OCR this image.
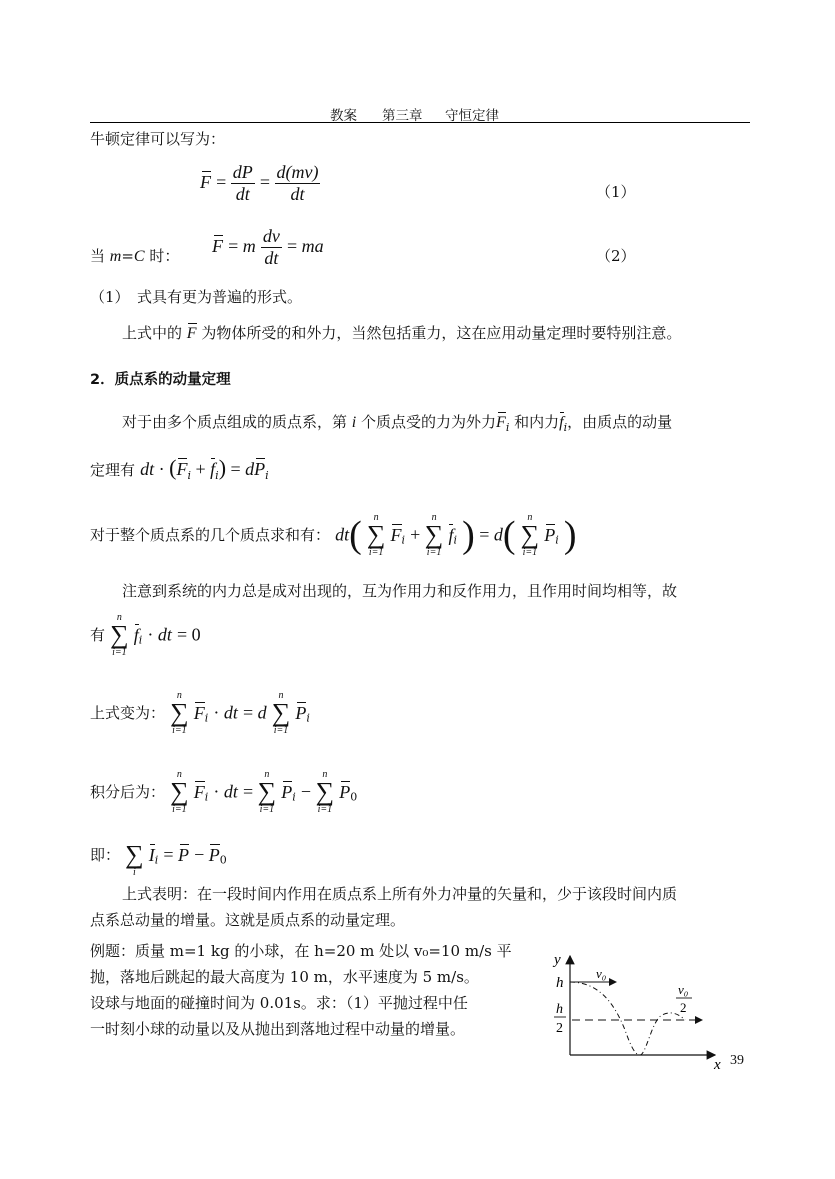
教案 第三章 守恒定律
牛顿定律可以写为：
$F = \frac{dP}{dt} = \frac{d(mv)}{dt}$	（1）
当 m=C 时： F = m $\frac{dv}{dt}$ = ma	（2）
（1）　式具有更为普遍的形式。
上式中的 F 为物体所受的和外力，当然包括重力，这在应用动量定理时要特别注意。
2．质点系的动量定理
对于由多个质点组成的质点系，第 i 个质点受的力为外力$F_i$ 和内力$f_i$，由质点的动量
定理有 dt · $(F_i + f_i) = dP_i$
对于整个质点系的几个质点求和有： dt(	n
∑
i=1
$F_i$ +
n
∑
i=1
$f_i$ ) = d(	n
∑
i=1
$P_i$ )
注意到系统的内力总是成对出现的，互为作用力和反作用力，且作用时间均相等，故
有
n
∑
i=1
$f_i$ · dt = 0
上式变为：
n
∑
i=1
$F_i$ · dt = d
n
∑
i=1
$P_i$
积分后为：
n
∑
i=1
$F_i$ · dt =
n
∑
i=1
$P_i$ −
n
∑
i=1
$P_0$
即：
∑
i
$I_i = P - P_0$
上式表明：在一段时间内作用在质点系上所有外力冲量的矢量和，少于该段时间内质
点系总动量的增量。这就是质点系的动量定理。
例题：质量 m=1 kg 的小球，在 h=20 m 处以 v₀=10 m/s 平
抛，落地后跳起的最大高度为 10 m，水平速度为 5 m/s。
设球与地面的碰撞时间为 0.01s。求：（1）平抛过程中任
一时刻小球的动量以及从抛出到落地过程中动量的增量。
y
x
h
h
2
v₀
v₀
2
39
